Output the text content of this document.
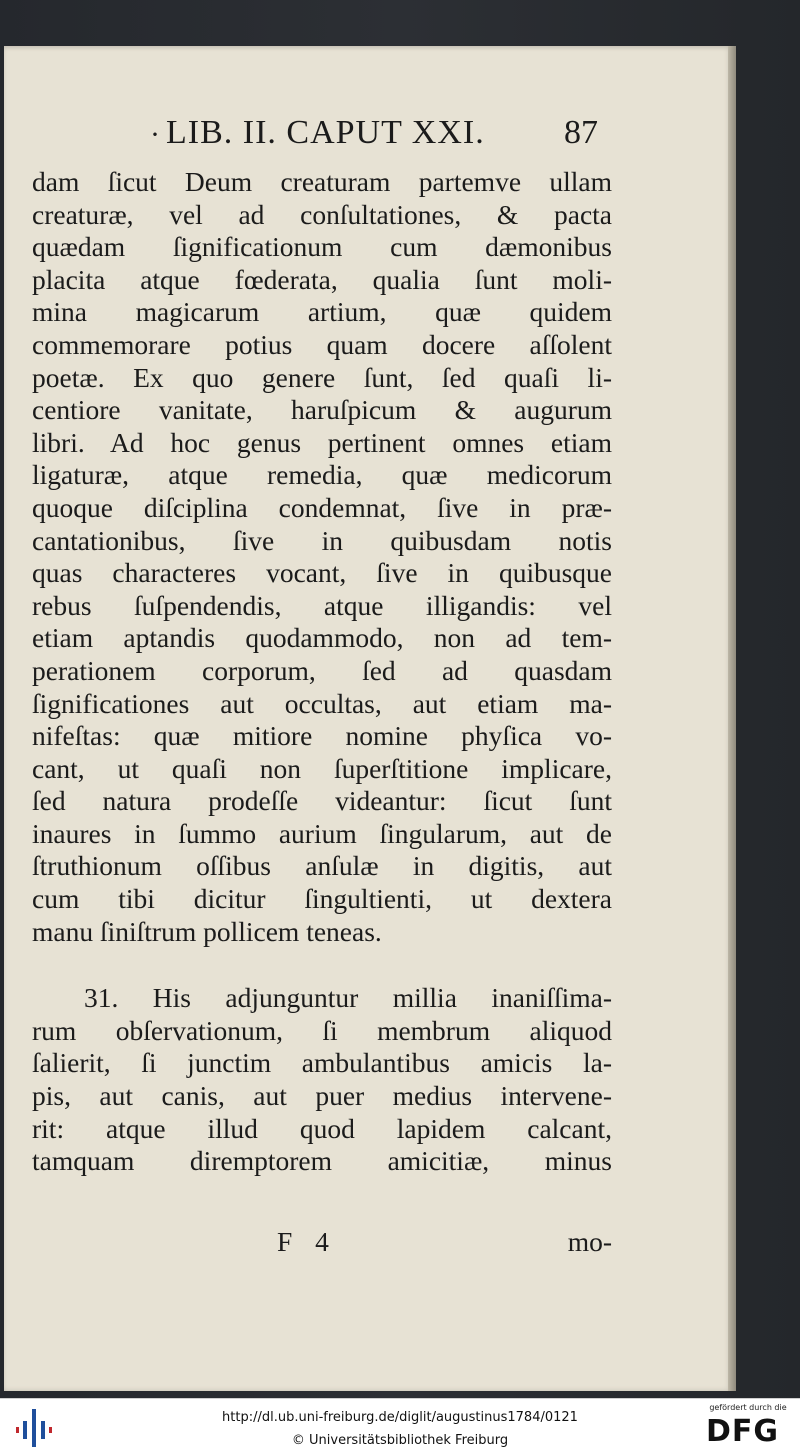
· LIB. II. CAPUT XXI. 87
dam ſicut Deum creaturam partemve ullam
creaturæ, vel ad conſultationes, & pacta
quædam ſignificationum cum dæmonibus
placita atque fœderata, qualia ſunt moli-
mina magicarum artium, quæ quidem
commemorare potius quam docere aſſolent
poetæ. Ex quo genere ſunt, ſed quaſi li-
centiore vanitate, haruſpicum & augurum
libri. Ad hoc genus pertinent omnes etiam
ligaturæ, atque remedia, quæ medicorum
quoque diſciplina condemnat, ſive in præ-
cantationibus, ſive in quibusdam notis
quas characteres vocant, ſive in quibusque
rebus ſuſpendendis, atque illigandis: vel
etiam aptandis quodammodo, non ad tem-
perationem corporum, ſed ad quasdam
ſignificationes aut occultas, aut etiam ma-
nifeſtas: quæ mitiore nomine phyſica vo-
cant, ut quaſi non ſuperſtitione implicare,
ſed natura prodeſſe videantur: ſicut ſunt
inaures in ſummo aurium ſingularum, aut de
ſtruthionum oſſibus anſulæ in digitis, aut
cum tibi dicitur ſingultienti, ut dextera
manu ſiniſtrum pollicem teneas.
31. His adjunguntur millia inaniſſima-
rum obſervationum, ſi membrum aliquod
ſalierit, ſi junctim ambulantibus amicis la-
pis, aut canis, aut puer medius intervene-
rit: atque illud quod lapidem calcant,
tamquam diremptorem amicitiæ, minus
F 4	mo-
http://dl.ub.uni-freiburg.de/diglit/augustinus1784/0121
© Universitätsbibliothek Freiburg
gefördert durch die
DFG
